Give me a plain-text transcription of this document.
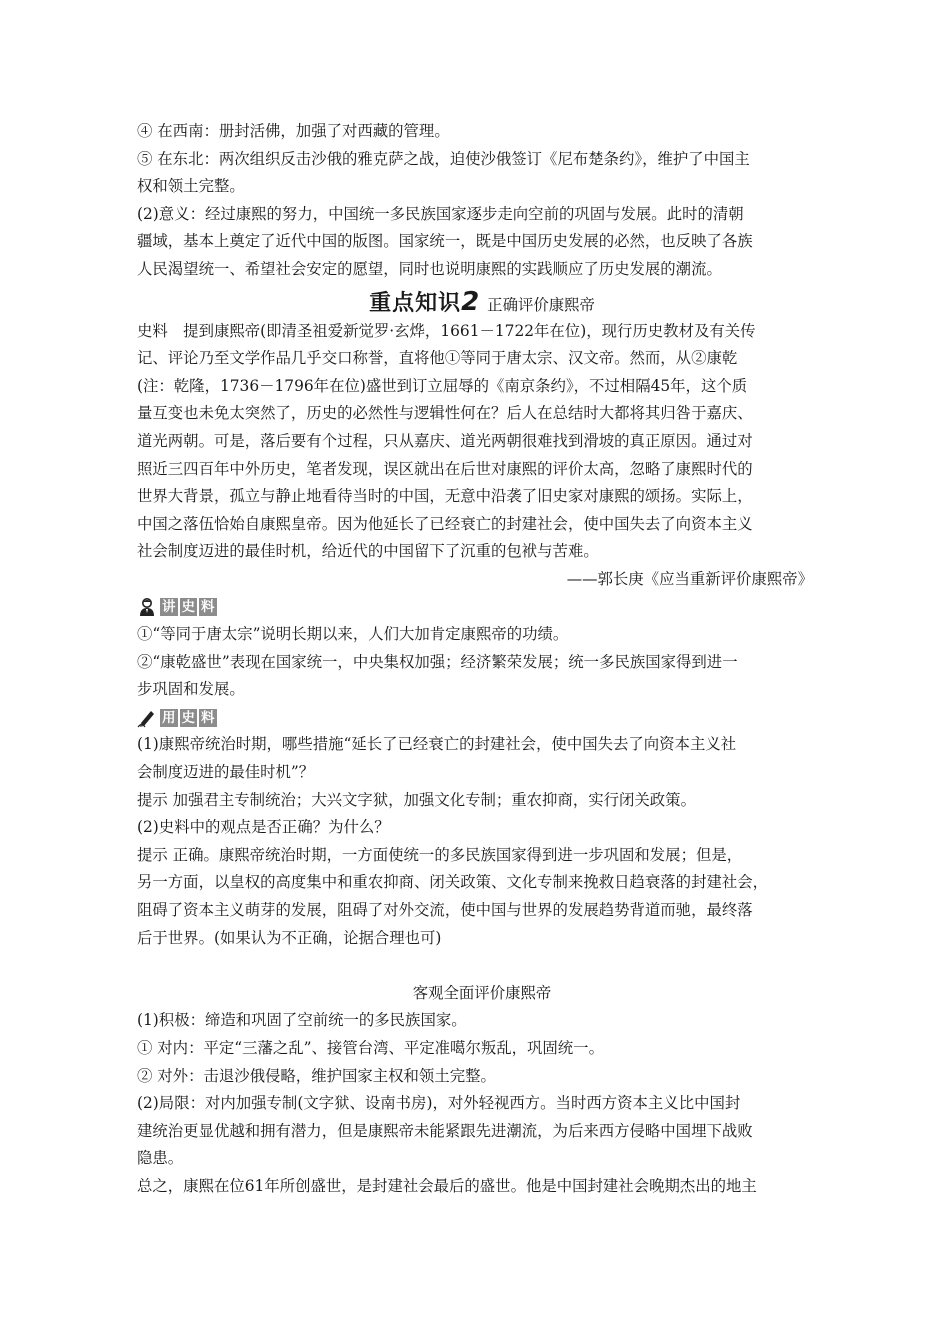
④ 在西南：册封活佛，加强了对西藏的管理。
⑤ 在东北：两次组织反击沙俄的雅克萨之战，迫使沙俄签订《尼布楚条约》，维护了中国主
权和领土完整。
(2)意义：经过康熙的努力，中国统一多民族国家逐步走向空前的巩固与发展。此时的清朝
疆域，基本上奠定了近代中国的版图。国家统一，既是中国历史发展的必然，也反映了各族
人民渴望统一、希望社会安定的愿望，同时也说明康熙的实践顺应了历史发展的潮流。
重点知识2 正确评价康熙帝
史料　提到康熙帝(即清圣祖爱新觉罗·玄烨，1661－1722年在位)，现行历史教材及有关传
记、评论乃至文学作品几乎交口称誉，直将他①等同于唐太宗、汉文帝。然而，从②康乾
(注：乾隆，1736－1796年在位)盛世到订立屈辱的《南京条约》，不过相隔45年，这个质
量互变也未免太突然了，历史的必然性与逻辑性何在？后人在总结时大都将其归咎于嘉庆、
道光两朝。可是，落后要有个过程，只从嘉庆、道光两朝很难找到滑坡的真正原因。通过对
照近三四百年中外历史，笔者发现，误区就出在后世对康熙的评价太高，忽略了康熙时代的
世界大背景，孤立与静止地看待当时的中国，无意中沿袭了旧史家对康熙的颂扬。实际上，
中国之落伍恰始自康熙皇帝。因为他延长了已经衰亡的封建社会，使中国失去了向资本主义
社会制度迈进的最佳时机，给近代的中国留下了沉重的包袱与苦难。
——郭长庚《应当重新评价康熙帝》
讲 史 料
①“等同于唐太宗”说明长期以来，人们大加肯定康熙帝的功绩。
②“康乾盛世”表现在国家统一，中央集权加强；经济繁荣发展；统一多民族国家得到进一
步巩固和发展。
用 史 料
(1)康熙帝统治时期，哪些措施“延长了已经衰亡的封建社会，使中国失去了向资本主义社
会制度迈进的最佳时机”？
提示 加强君主专制统治；大兴文字狱，加强文化专制；重农抑商，实行闭关政策。
(2)史料中的观点是否正确？为什么？
提示 正确。康熙帝统治时期，一方面使统一的多民族国家得到进一步巩固和发展；但是，
另一方面，以皇权的高度集中和重农抑商、闭关政策、文化专制来挽救日趋衰落的封建社会，
阻碍了资本主义萌芽的发展，阻碍了对外交流，使中国与世界的发展趋势背道而驰，最终落
后于世界。(如果认为不正确，论据合理也可)
客观全面评价康熙帝
(1)积极：缔造和巩固了空前统一的多民族国家。
① 对内：平定“三藩之乱”、接管台湾、平定准噶尔叛乱，巩固统一。
② 对外：击退沙俄侵略，维护国家主权和领土完整。
(2)局限：对内加强专制(文字狱、设南书房)，对外轻视西方。当时西方资本主义比中国封
建统治更显优越和拥有潜力，但是康熙帝未能紧跟先进潮流，为后来西方侵略中国埋下战败
隐患。
总之，康熙在位61年所创盛世，是封建社会最后的盛世。他是中国封建社会晚期杰出的地主
